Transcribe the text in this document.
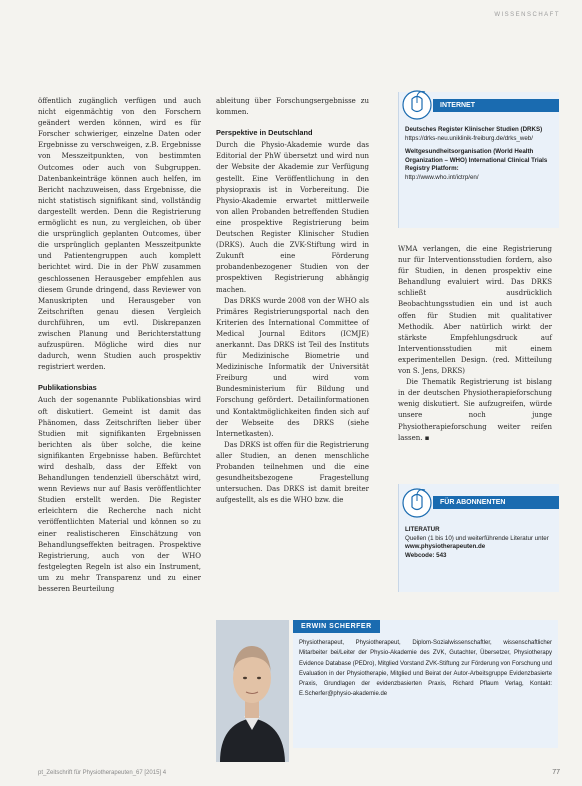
WISSENSCHAFT

öffentlich zugänglich verfügen und auch nicht eigenmächtig von den Forschern geändert werden können, wird es für Forscher schwieriger, einzelne Daten oder Ergebnisse zu verschweigen, z.B. Ergebnisse von Messzeitpunkten, von bestimmten Outcomes oder auch von Subgruppen. Datenbankeinträge können auch helfen, im Bericht nachzuweisen, dass Ergebnisse, die nicht statistisch signifikant sind, vollständig dargestellt werden. Denn die Registrierung ermöglicht es nun, zu vergleichen, ob über die ursprünglich geplanten Outcomes, über die ursprünglich geplanten Messzeitpunkte und Patientengruppen auch komplett berichtet wird. Die in der PhW zusammen geschlossenen Herausgeber empfehlen aus diesem Grunde dringend, dass Reviewer von Manuskripten und Herausgeber von Zeitschriften genau diesen Vergleich durchführen, um evtl. Diskrepanzen zwischen Planung und Berichterstattung aufzuspüren. Mögliche wird dies nur dadurch, wenn Studien auch prospektiv registriert werden.

Publikationsbias

Auch der sogenannte Publikationsbias wird oft diskutiert. Gemeint ist damit das Phänomen, dass Zeitschriften lieber über Studien mit signifikanten Ergebnissen berichten als über solche, die keine signifikanten Ergebnisse haben. Befürchtet wird deshalb, dass der Effekt von Behandlungen tendenziell überschätzt wird, wenn Reviews nur auf Basis veröffentlichter Studien erstellt werden. Die Register erleichtern die Recherche nach nicht veröffentlichten Material und können so zu einer realistischeren Einschätzung von Behandlungseffekten beitragen. Prospektive Registrierung, auch von der WHO festgelegten Regeln ist also ein Instrument, um zu mehr Transparenz und zu einer besseren Beurteilung

ableitung über Forschungsergebnisse zu kommen.

Perspektive in Deutschland

Durch die Physio-Akademie wurde das Editorial der PhW übersetzt und wird nun der Website der Akademie zur Verfügung gestellt. Eine Veröffentlichung in den physiopraxis ist in Vorbereitung. Die Physio-Akademie erwartet mittlerweile von allen Probanden betreffenden Studien eine prospektive Registrierung beim Deutschen Register Klinischer Studien (DRKS). Auch die ZVK-Stiftung wird in Zukunft eine Förderung probandenbezogener Studien von der prospektiven Registrierung abhängig machen.

Das DRKS wurde 2008 von der WHO als Primäres Registrierungsportal nach den Kriterien des International Committee of Medical Journal Editors (ICMJE) anerkannt. Das DRKS ist Teil des Instituts für Medizinische Biometrie und Medizinische Informatik der Universität Freiburg und wird vom Bundesministerium für Bildung und Forschung gefördert. Detailinformationen und Kontaktmöglichkeiten finden sich auf der Webseite des DRKS (siehe Internetkasten).

Das DRKS ist offen für die Registrierung aller Studien, an denen menschliche Probanden teilnehmen und die eine gesundheitsbezogene Fragestellung untersuchen. Das DRKS ist damit breiter aufgestellt, als es die WHO bzw. die

INTERNET
Deutsches Register Klinischer Studien (DRKS)
https://drks-neu.uniklinik-freiburg.de/drks_web/
Weltgesundheitsorganisation (World Health Organization – WHO) International Clinical Trials Registry Platform:
http://www.who.int/ictrp/en/

WMA verlangen, die eine Registrierung nur für Interventionsstudien fordern, also für Studien, in denen prospektiv eine Behandlung evaluiert wird. Das DRKS schließt ausdrücklich Beobachtungsstudien ein und ist auch offen für Studien mit qualitativer Methodik. Aber natürlich wirkt der stärkste Empfehlungsdruck auf Interventionsstudien mit einem experimentellen Design. (red. Mitteilung von S. Jens, DRKS)

Die Thematik Registrierung ist bislang in der deutschen Physiotherapieforschung wenig diskutiert. Sie aufzugreifen, würde unsere noch junge Physiotherapieforschung weiter reifen lassen. ▪

FÜR ABONNENTEN
LITERATUR
Quellen (1 bis 10) und weiterführende Literatur unter
www.physiotherapeuten.de
Webcode: 543
ERWIN SCHERFER
Physiotherapeut, Physiotherapeut, Diplom-Sozialwissenschaftler, wissenschaftlicher Mitarbeiter bei/Leiter der Physio-Akademie des ZVK, Gutachter, Übersetzer, Physiotherapy Evidence Database (PEDro), Mitglied Vorstand ZVK-Stiftung zur Förderung von Forschung und Evaluation in der Physiotherapie, Mitglied und Beirat der Autor-Arbeitsgruppe Evidenzbasierte Praxis, Grundlagen der evidenzbasierten Praxis, Richard Pflaum Verlag, Kontakt: E.Scherfer@physio-akademie.de
pt_Zeitschrift für Physiotherapeuten_67 [2015] 4	77
